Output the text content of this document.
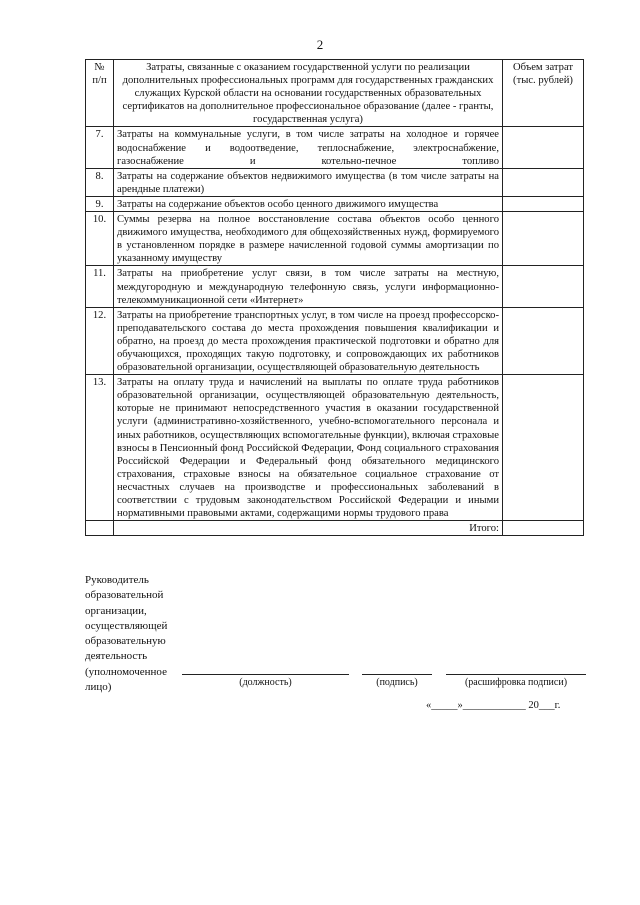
2
№ п/п	Затраты, связанные с оказанием государственной услуги по реализации дополнительных профессиональных программ для государственных гражданских служащих Курской области на основании государственных образовательных сертификатов на дополнительное профессиональное образование (далее - гранты, государственная услуга)	Объем затрат (тыс. рублей)
7.	Затраты на коммунальные услуги, в том числе затраты на холодное и горячее водоснабжение и водоотведение, теплоснабжение, электроснабжение, газоснабжение и котельно-печное топливо	
8.	Затраты на содержание объектов недвижимого имущества (в том числе затраты на арендные платежи)	
9.	Затраты на содержание объектов особо ценного движимого имущества	
10.	Суммы резерва на полное восстановление состава объектов особо ценного движимого имущества, необходимого для общехозяйственных нужд, формируемого в установленном порядке в размере начисленной годовой суммы амортизации по указанному имуществу	
11.	Затраты на приобретение услуг связи, в том числе затраты на местную, междугородную и международную телефонную связь, услуги информационно-телекоммуникационной сети «Интернет»	
12.	Затраты на приобретение транспортных услуг, в том числе на проезд профессорско-преподавательского состава до места прохождения повышения квалификации и обратно, на проезд до места прохождения практической подготовки и обратно для обучающихся, проходящих такую подготовку, и сопровождающих их работников образовательной организации, осуществляющей образовательную деятельность	
13.	Затраты на оплату труда и начислений на выплаты по оплате труда работников образовательной организации, осуществляющей образовательную деятельность, которые не принимают непосредственного участия в оказании государственной услуги (административно-хозяйственного, учебно-вспомогательного персонала и иных работников, осуществляющих вспомогательные функции), включая страховые взносы в Пенсионный фонд Российской Федерации, Фонд социального страхования Российской Федерации и Федеральный фонд обязательного медицинского страхования, страховые взносы на обязательное социальное страхование от несчастных случаев на производстве и профессиональных заболеваний в соответствии с трудовым законодательством Российской Федерации и иными нормативными правовыми актами, содержащими нормы трудового права	
	Итого:	
Руководитель образовательной организации, осуществляющей образовательную деятельность (уполномоченное лицо)	(должность)	(подпись)	(расшифровка подписи)
«_____»____________ 20___г.
